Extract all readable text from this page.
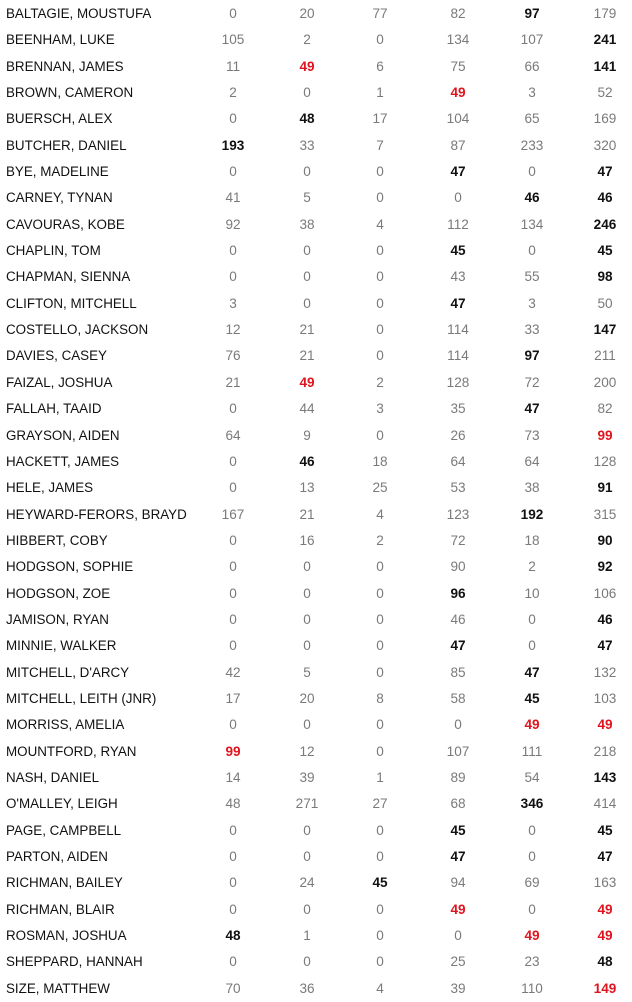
BALTAGIE, MOUSTUFA	0	20	77	82	97	179
BEENHAM, LUKE	105	2	0	134	107	241
BRENNAN, JAMES	11	49	6	75	66	141
BROWN, CAMERON	2	0	1	49	3	52
BUERSCH, ALEX	0	48	17	104	65	169
BUTCHER, DANIEL	193	33	7	87	233	320
BYE, MADELINE	0	0	0	47	0	47
CARNEY, TYNAN	41	5	0	0	46	46
CAVOURAS, KOBE	92	38	4	112	134	246
CHAPLIN, TOM	0	0	0	45	0	45
CHAPMAN, SIENNA	0	0	0	43	55	98
CLIFTON, MITCHELL	3	0	0	47	3	50
COSTELLO, JACKSON	12	21	0	114	33	147
DAVIES, CASEY	76	21	0	114	97	211
FAIZAL, JOSHUA	21	49	2	128	72	200
FALLAH, TAAID	0	44	3	35	47	82
GRAYSON, AIDEN	64	9	0	26	73	99
HACKETT, JAMES	0	46	18	64	64	128
HELE, JAMES	0	13	25	53	38	91
HEYWARD-FERORS, BRAYD	167	21	4	123	192	315
HIBBERT, COBY	0	16	2	72	18	90
HODGSON, SOPHIE	0	0	0	90	2	92
HODGSON, ZOE	0	0	0	96	10	106
JAMISON, RYAN	0	0	0	46	0	46
MINNIE, WALKER	0	0	0	47	0	47
MITCHELL, D'ARCY	42	5	0	85	47	132
MITCHELL, LEITH (JNR)	17	20	8	58	45	103
MORRISS, AMELIA	0	0	0	0	49	49
MOUNTFORD, RYAN	99	12	0	107	111	218
NASH, DANIEL	14	39	1	89	54	143
O'MALLEY, LEIGH	48	271	27	68	346	414
PAGE, CAMPBELL	0	0	0	45	0	45
PARTON, AIDEN	0	0	0	47	0	47
RICHMAN, BAILEY	0	24	45	94	69	163
RICHMAN, BLAIR	0	0	0	49	0	49
ROSMAN, JOSHUA	48	1	0	0	49	49
SHEPPARD, HANNAH	0	0	0	25	23	48
SIZE, MATTHEW	70	36	4	39	110	149
